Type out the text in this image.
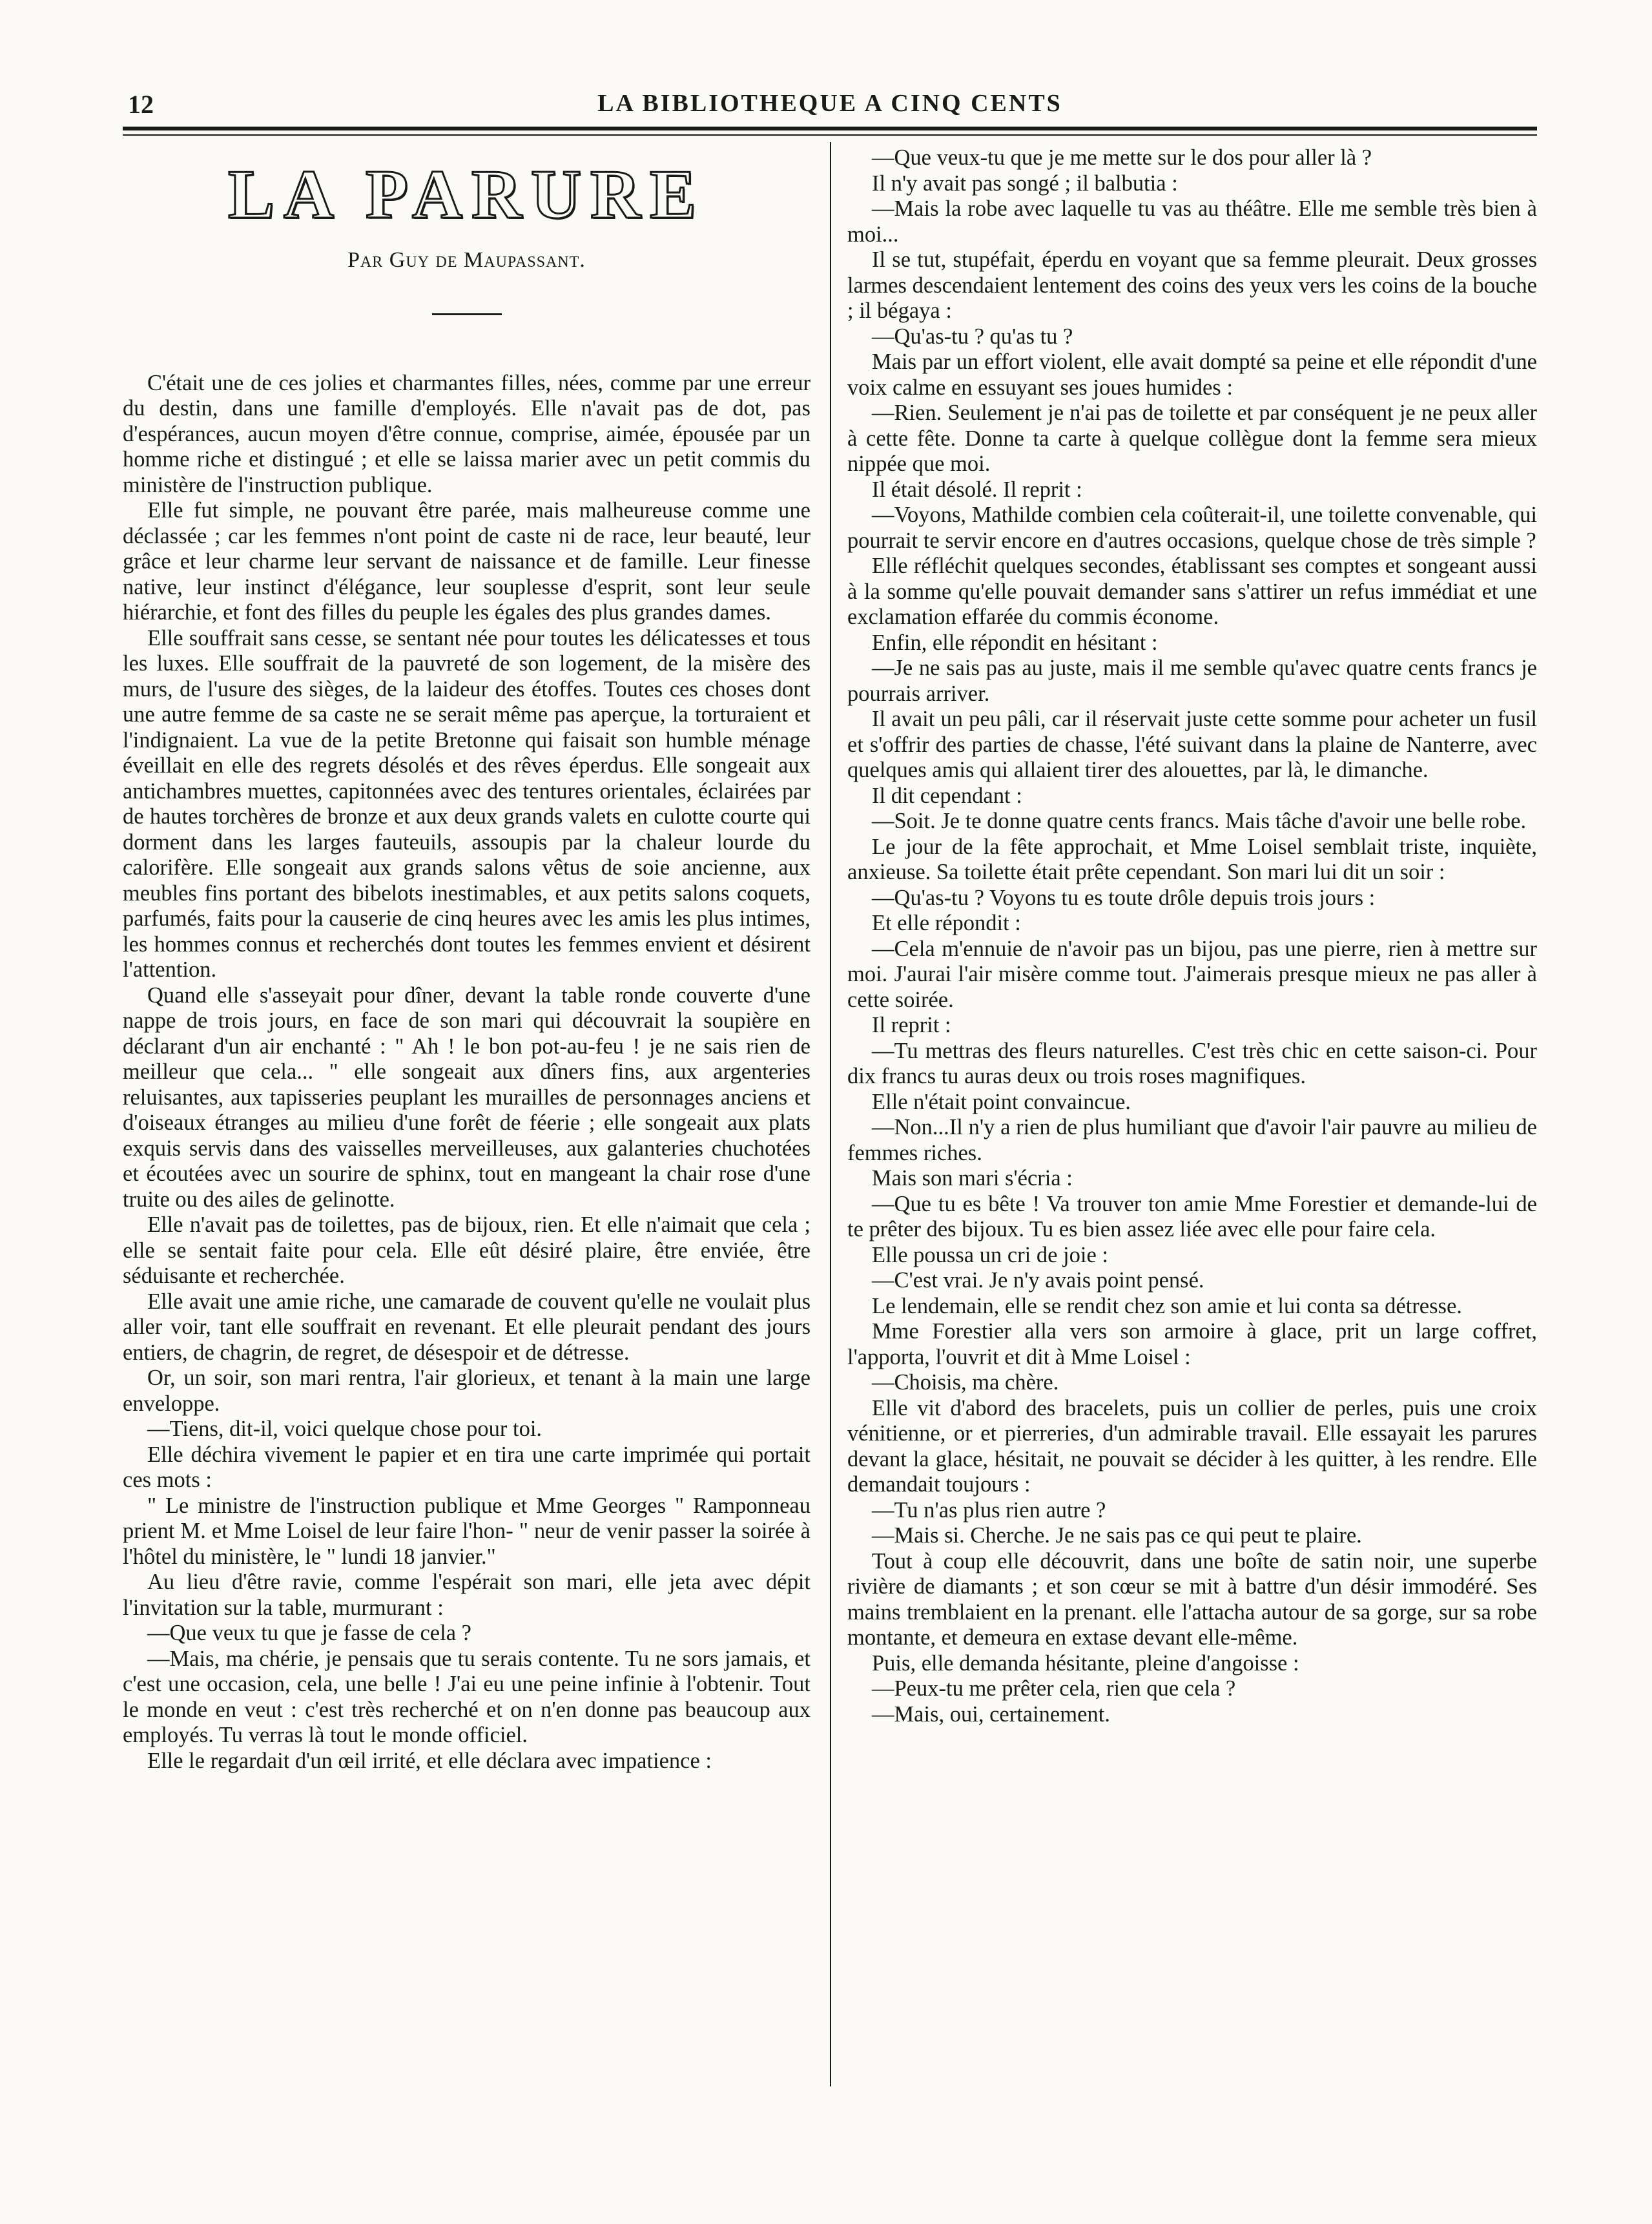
12	LA BIBLIOTHEQUE A CINQ CENTS
LA PARURE
Par Guy de Maupassant.

C'était une de ces jolies et charmantes filles, nées, comme par une erreur du destin, dans une famille d'employés. Elle n'avait pas de dot, pas d'espérances, aucun moyen d'être connue, comprise, aimée, épousée par un homme riche et distingué ; et elle se laissa marier avec un petit commis du ministère de l'instruction publique.

Elle fut simple, ne pouvant être parée, mais malheureuse comme une déclassée ; car les femmes n'ont point de caste ni de race, leur beauté, leur grâce et leur charme leur servant de naissance et de famille. Leur finesse native, leur instinct d'élégance, leur souplesse d'esprit, sont leur seule hiérarchie, et font des filles du peuple les égales des plus grandes dames.

Elle souffrait sans cesse, se sentant née pour toutes les délicatesses et tous les luxes. Elle souffrait de la pauvreté de son logement, de la misère des murs, de l'usure des sièges, de la laideur des étoffes. Toutes ces choses dont une autre femme de sa caste ne se serait même pas aperçue, la torturaient et l'indignaient. La vue de la petite Bretonne qui faisait son humble ménage éveillait en elle des regrets désolés et des rêves éperdus. Elle songeait aux antichambres muettes, capitonnées avec des tentures orientales, éclairées par de hautes torchères de bronze et aux deux grands valets en culotte courte qui dorment dans les larges fauteuils, assoupis par la chaleur lourde du calorifère. Elle songeait aux grands salons vêtus de soie ancienne, aux meubles fins portant des bibelots inestimables, et aux petits salons coquets, parfumés, faits pour la causerie de cinq heures avec les amis les plus intimes, les hommes connus et recherchés dont toutes les femmes envient et désirent l'attention.

Quand elle s'asseyait pour dîner, devant la table ronde couverte d'une nappe de trois jours, en face de son mari qui découvrait la soupière en déclarant d'un air enchanté : " Ah ! le bon pot-au-feu ! je ne sais rien de meilleur que cela... " elle songeait aux dîners fins, aux argenteries reluisantes, aux tapisseries peuplant les murailles de personnages anciens et d'oiseaux étranges au milieu d'une forêt de féerie ; elle songeait aux plats exquis servis dans des vaisselles merveilleuses, aux galanteries chuchotées et écoutées avec un sourire de sphinx, tout en mangeant la chair rose d'une truite ou des ailes de gelinotte.

Elle n'avait pas de toilettes, pas de bijoux, rien. Et elle n'aimait que cela ; elle se sentait faite pour cela. Elle eût désiré plaire, être enviée, être séduisante et recherchée.

Elle avait une amie riche, une camarade de couvent qu'elle ne voulait plus aller voir, tant elle souffrait en revenant. Et elle pleurait pendant des jours entiers, de chagrin, de regret, de désespoir et de détresse.

Or, un soir, son mari rentra, l'air glorieux, et tenant à la main une large enveloppe.

—Tiens, dit-il, voici quelque chose pour toi.

Elle déchira vivement le papier et en tira une carte imprimée qui portait ces mots :

" Le ministre de l'instruction publique et Mme Georges " Ramponneau prient M. et Mme Loisel de leur faire l'hon- " neur de venir passer la soirée à l'hôtel du ministère, le " lundi 18 janvier."

Au lieu d'être ravie, comme l'espérait son mari, elle jeta avec dépit l'invitation sur la table, murmurant :

—Que veux tu que je fasse de cela ?

—Mais, ma chérie, je pensais que tu serais contente. Tu ne sors jamais, et c'est une occasion, cela, une belle ! J'ai eu une peine infinie à l'obtenir. Tout le monde en veut : c'est très recherché et on n'en donne pas beaucoup aux employés. Tu verras là tout le monde officiel.

Elle le regardait d'un œil irrité, et elle déclara avec impatience :

—Que veux-tu que je me mette sur le dos pour aller là ?

Il n'y avait pas songé ; il balbutia :

—Mais la robe avec laquelle tu vas au théâtre. Elle me semble très bien à moi...

Il se tut, stupéfait, éperdu en voyant que sa femme pleurait. Deux grosses larmes descendaient lentement des coins des yeux vers les coins de la bouche ; il bégaya :

—Qu'as-tu ? qu'as tu ?

Mais par un effort violent, elle avait dompté sa peine et elle répondit d'une voix calme en essuyant ses joues humides :

—Rien. Seulement je n'ai pas de toilette et par conséquent je ne peux aller à cette fête. Donne ta carte à quelque collègue dont la femme sera mieux nippée que moi.

Il était désolé. Il reprit :

—Voyons, Mathilde combien cela coûterait-il, une toilette convenable, qui pourrait te servir encore en d'autres occasions, quelque chose de très simple ?

Elle réfléchit quelques secondes, établissant ses comptes et songeant aussi à la somme qu'elle pouvait demander sans s'attirer un refus immédiat et une exclamation effarée du commis économe.

Enfin, elle répondit en hésitant :

—Je ne sais pas au juste, mais il me semble qu'avec quatre cents francs je pourrais arriver.

Il avait un peu pâli, car il réservait juste cette somme pour acheter un fusil et s'offrir des parties de chasse, l'été suivant dans la plaine de Nanterre, avec quelques amis qui allaient tirer des alouettes, par là, le dimanche.

Il dit cependant :

—Soit. Je te donne quatre cents francs. Mais tâche d'avoir une belle robe.

Le jour de la fête approchait, et Mme Loisel semblait triste, inquiète, anxieuse. Sa toilette était prête cependant. Son mari lui dit un soir :

—Qu'as-tu ? Voyons tu es toute drôle depuis trois jours :

Et elle répondit :

—Cela m'ennuie de n'avoir pas un bijou, pas une pierre, rien à mettre sur moi. J'aurai l'air misère comme tout. J'aimerais presque mieux ne pas aller à cette soirée.

Il reprit :

—Tu mettras des fleurs naturelles. C'est très chic en cette saison-ci. Pour dix francs tu auras deux ou trois roses magnifiques.

Elle n'était point convaincue.

—Non...Il n'y a rien de plus humiliant que d'avoir l'air pauvre au milieu de femmes riches.

Mais son mari s'écria :

—Que tu es bête ! Va trouver ton amie Mme Forestier et demande-lui de te prêter des bijoux. Tu es bien assez liée avec elle pour faire cela.

Elle poussa un cri de joie :

—C'est vrai. Je n'y avais point pensé.

Le lendemain, elle se rendit chez son amie et lui conta sa détresse.

Mme Forestier alla vers son armoire à glace, prit un large coffret, l'apporta, l'ouvrit et dit à Mme Loisel :

—Choisis, ma chère.

Elle vit d'abord des bracelets, puis un collier de perles, puis une croix vénitienne, or et pierreries, d'un admirable travail. Elle essayait les parures devant la glace, hésitait, ne pouvait se décider à les quitter, à les rendre. Elle demandait toujours :

—Tu n'as plus rien autre ?

—Mais si. Cherche. Je ne sais pas ce qui peut te plaire.

Tout à coup elle découvrit, dans une boîte de satin noir, une superbe rivière de diamants ; et son cœur se mit à battre d'un désir immodéré. Ses mains tremblaient en la prenant. elle l'attacha autour de sa gorge, sur sa robe montante, et demeura en extase devant elle-même.

Puis, elle demanda hésitante, pleine d'angoisse :

—Peux-tu me prêter cela, rien que cela ?

—Mais, oui, certainement.
